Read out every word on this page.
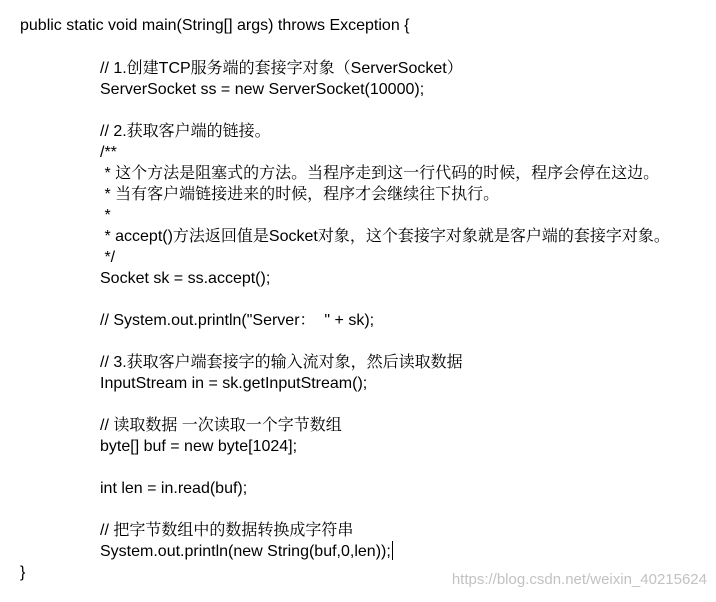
public static void main(String[] args) throws Exception {
// 1.创建TCP服务端的套接字对象（ServerSocket）
ServerSocket ss = new ServerSocket(10000);
// 2.获取客户端的链接。
/**
* 这个方法是阻塞式的方法。当程序走到这一行代码的时候，程序会停在这边。
* 当有客户端链接进来的时候，程序才会继续往下执行。
*
* accept()方法返回值是Socket对象，这个套接字对象就是客户端的套接字对象。
*/
Socket sk = ss.accept();
// System.out.println("Server：  " + sk);
// 3.获取客户端套接字的输入流对象，然后读取数据
InputStream in = sk.getInputStream();
// 读取数据 一次读取一个字节数组
byte[] buf = new byte[1024];
int len = in.read(buf);
// 把字节数组中的数据转换成字符串
System.out.println(new String(buf,0,len));
}	https://blog.csdn.net/weixin_40215624
